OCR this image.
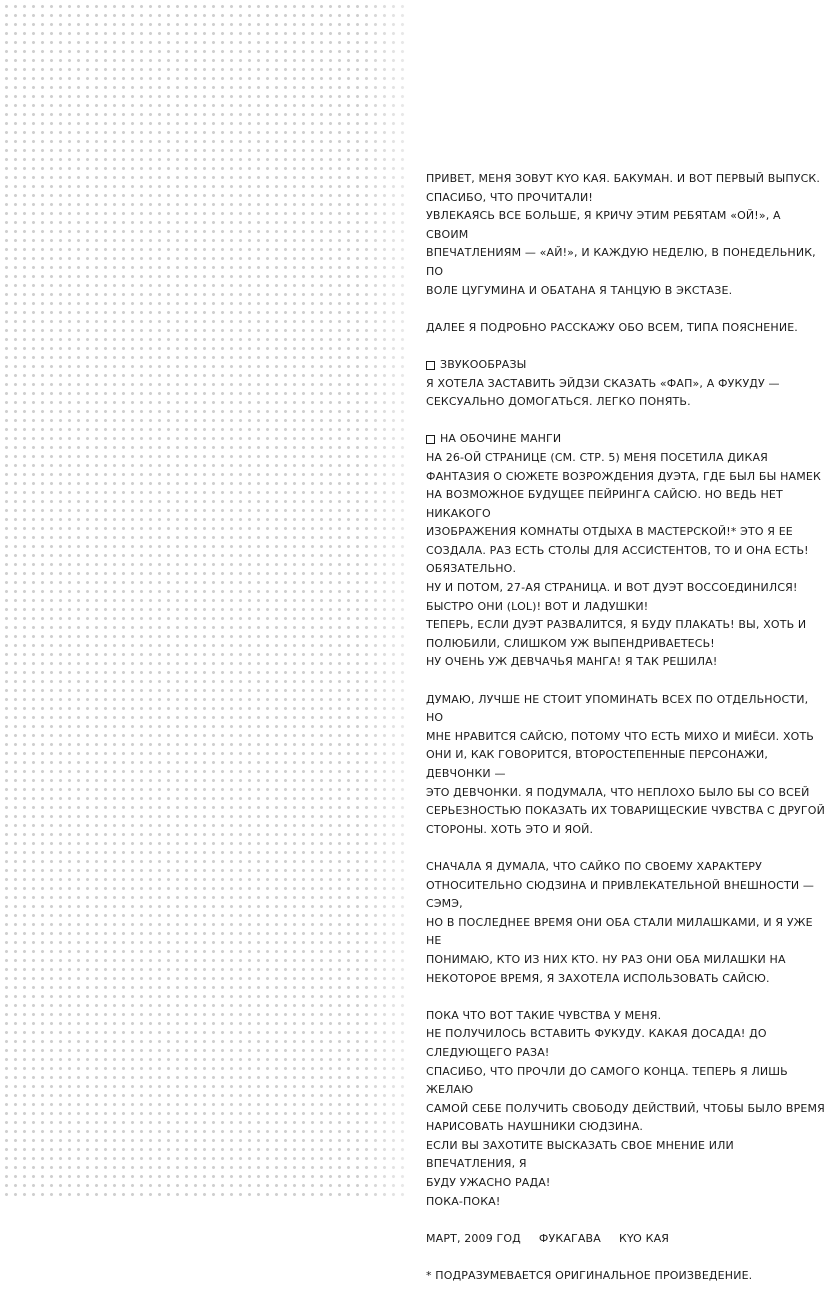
ПРИВЕТ, МЕНЯ ЗОВУТ КYO КАЯ. БАКУМАН. И ВОТ ПЕРВЫЙ ВЫПУСК.
СПАСИБО, ЧТО ПРОЧИТАЛИ!
УВЛЕКАЯСЬ ВСЕ БОЛЬШЕ, Я КРИЧУ ЭТИМ РЕБЯТАМ «ОЙ!», А СВОИМ
ВПЕЧАТЛЕНИЯМ — «АЙ!», И КАЖДУЮ НЕДЕЛЮ, В ПОНЕДЕЛЬНИК, ПО
ВОЛЕ ЦУГУМИНА И ОБАТАНА Я ТАНЦУЮ В ЭКСТАЗЕ.

ДАЛЕЕ Я ПОДРОБНО РАССКАЖУ ОБО ВСЕМ, ТИПА ПОЯСНЕНИЕ.

ЗВУКООБРАЗЫ
Я ХОТЕЛА ЗАСТАВИТЬ ЭЙДЗИ СКАЗАТЬ «ФАП», А ФУКУДУ —
СЕКСУАЛЬНО ДОМОГАТЬСЯ. ЛЕГКО ПОНЯТЬ.
НА ОБОЧИНЕ МАНГИ
НА 26-ОЙ СТРАНИЦЕ (СМ. СТР. 5) МЕНЯ ПОСЕТИЛА ДИКАЯ
ФАНТАЗИЯ О СЮЖЕТЕ ВОЗРОЖДЕНИЯ ДУЭТА, ГДЕ БЫЛ БЫ НАМЕК
НА ВОЗМОЖНОЕ БУДУЩЕЕ ПЕЙРИНГА САЙСЮ. НО ВЕДЬ НЕТ НИКАКОГО
ИЗОБРАЖЕНИЯ КОМНАТЫ ОТДЫХА В МАСТЕРСКОЙ!* ЭТО Я ЕЕ
СОЗДАЛА. РАЗ ЕСТЬ СТОЛЫ ДЛЯ АССИСТЕНТОВ, ТО И ОНА ЕСТЬ!
ОБЯЗАТЕЛЬНО.
НУ И ПОТОМ, 27-АЯ СТРАНИЦА. И ВОТ ДУЭТ ВОССОЕДИНИЛСЯ!
БЫСТРО ОНИ (LOL)! ВОТ И ЛАДУШКИ!
ТЕПЕРЬ, ЕСЛИ ДУЭТ РАЗВАЛИТСЯ, Я БУДУ ПЛАКАТЬ! ВЫ, ХОТЬ И
ПОЛЮБИЛИ, СЛИШКОМ УЖ ВЫПЕНДРИВАЕТЕСЬ!
НУ ОЧЕНЬ УЖ ДЕВЧАЧЬЯ МАНГА! Я ТАК РЕШИЛА!

ДУМАЮ, ЛУЧШЕ НЕ СТОИТ УПОМИНАТЬ ВСЕХ ПО ОТДЕЛЬНОСТИ, НО
МНЕ НРАВИТСЯ САЙСЮ, ПОТОМУ ЧТО ЕСТЬ МИХО И МИЁСИ. ХОТЬ
ОНИ И, КАК ГОВОРИТСЯ, ВТОРОСТЕПЕННЫЕ ПЕРСОНАЖИ, ДЕВЧОНКИ —
ЭТО ДЕВЧОНКИ. Я ПОДУМАЛА, ЧТО НЕПЛОХО БЫЛО БЫ СО ВСЕЙ
СЕРЬЕЗНОСТЬЮ ПОКАЗАТЬ ИХ ТОВАРИЩЕСКИЕ ЧУВСТВА С ДРУГОЙ
СТОРОНЫ. ХОТЬ ЭТО И ЯОЙ.

СНАЧАЛА Я ДУМАЛА, ЧТО САЙКО ПО СВОЕМУ ХАРАКТЕРУ
ОТНОСИТЕЛЬНО СЮДЗИНА И ПРИВЛЕКАТЕЛЬНОЙ ВНЕШНОСТИ — СЭМЭ,
НО В ПОСЛЕДНЕЕ ВРЕМЯ ОНИ ОБА СТАЛИ МИЛАШКАМИ, И Я УЖЕ НЕ
ПОНИМАЮ, КТО ИЗ НИХ КТО. НУ РАЗ ОНИ ОБА МИЛАШКИ НА
НЕКОТОРОЕ ВРЕМЯ, Я ЗАХОТЕЛА ИСПОЛЬЗОВАТЬ САЙСЮ.

ПОКА ЧТО ВОТ ТАКИЕ ЧУВСТВА У МЕНЯ.
НЕ ПОЛУЧИЛОСЬ ВСТАВИТЬ ФУКУДУ. КАКАЯ ДОСАДА! ДО
СЛЕДУЮЩЕГО РАЗА!
СПАСИБО, ЧТО ПРОЧЛИ ДО САМОГО КОНЦА. ТЕПЕРЬ Я ЛИШЬ ЖЕЛАЮ
САМОЙ СЕБЕ ПОЛУЧИТЬ СВОБОДУ ДЕЙСТВИЙ, ЧТОБЫ БЫЛО ВРЕМЯ
НАРИСОВАТЬ НАУШНИКИ СЮДЗИНА.
ЕСЛИ ВЫ ЗАХОТИТЕ ВЫСКАЗАТЬ СВОЕ МНЕНИЕ ИЛИ ВПЕЧАТЛЕНИЯ, Я
БУДУ УЖАСНО РАДА!
ПОКА-ПОКА!

МАРТ, 2009 ГОД ФУКАГАВА КYO КАЯ

* ПОДРАЗУМЕВАЕТСЯ ОРИГИНАЛЬНОЕ ПРОИЗВЕДЕНИЕ.
